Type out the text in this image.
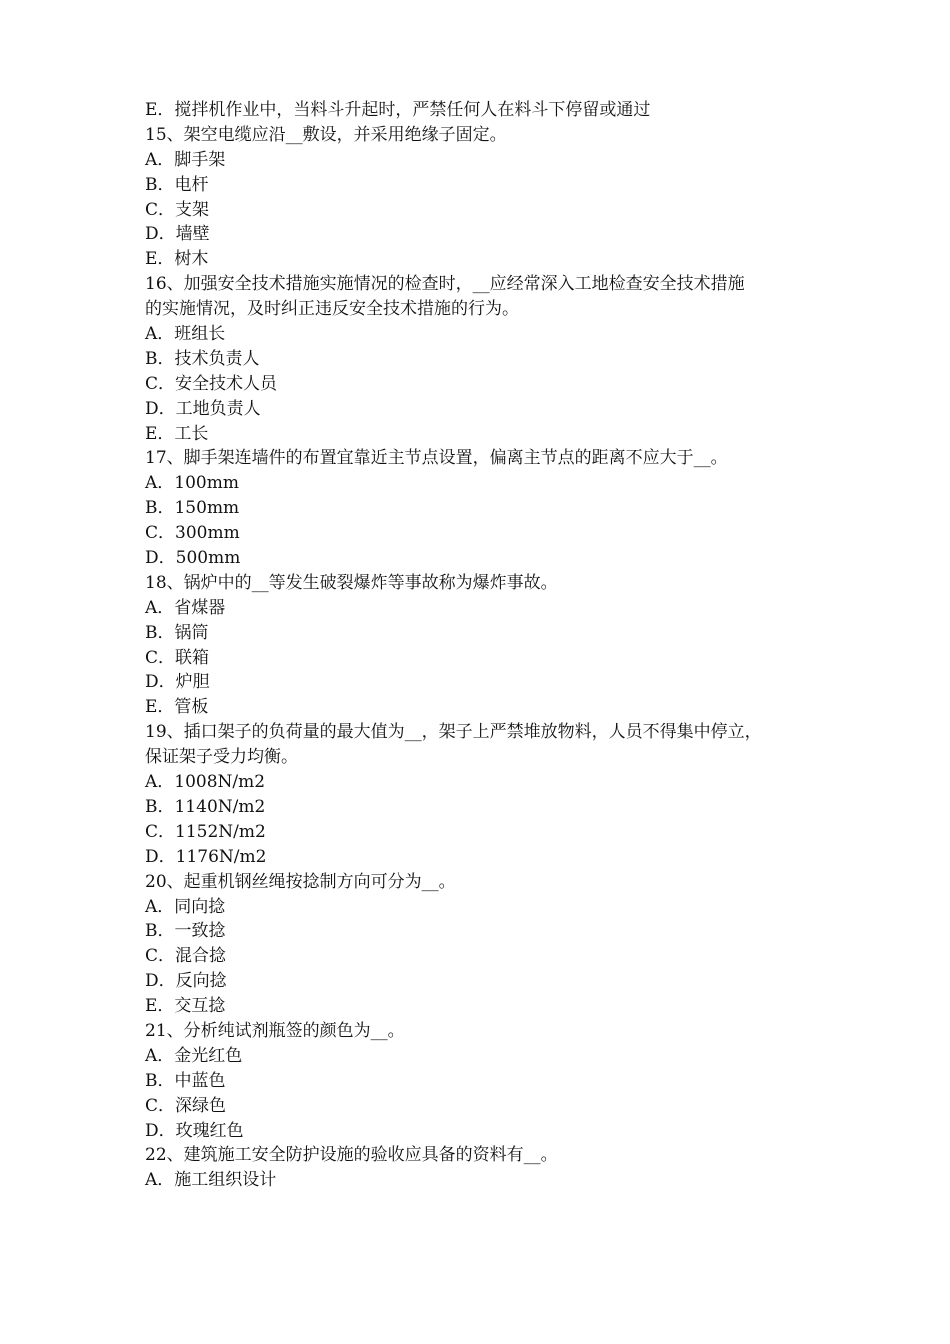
E．搅拌机作业中，当料斗升起时，严禁任何人在料斗下停留或通过
15、架空电缆应沿__敷设，并采用绝缘子固定。
A．脚手架
B．电杆
C．支架
D．墙壁
E．树木
16、加强安全技术措施实施情况的检查时，__应经常深入工地检查安全技术措施
的实施情况，及时纠正违反安全技术措施的行为。
A．班组长
B．技术负责人
C．安全技术人员
D．工地负责人
E．工长
17、脚手架连墙件的布置宜靠近主节点设置，偏离主节点的距离不应大于__。
A．100mm
B．150mm
C．300mm
D．500mm
18、锅炉中的__等发生破裂爆炸等事故称为爆炸事故。
A．省煤器
B．锅筒
C．联箱
D．炉胆
E．管板
19、插口架子的负荷量的最大值为__，架子上严禁堆放物料，人员不得集中停立，
保证架子受力均衡。
A．1008N/m2
B．1140N/m2
C．1152N/m2
D．1176N/m2
20、起重机钢丝绳按捻制方向可分为__。
A．同向捻
B．一致捻
C．混合捻
D．反向捻
E．交互捻
21、分析纯试剂瓶签的颜色为__。
A．金光红色
B．中蓝色
C．深绿色
D．玫瑰红色
22、建筑施工安全防护设施的验收应具备的资料有__。
A．施工组织设计
